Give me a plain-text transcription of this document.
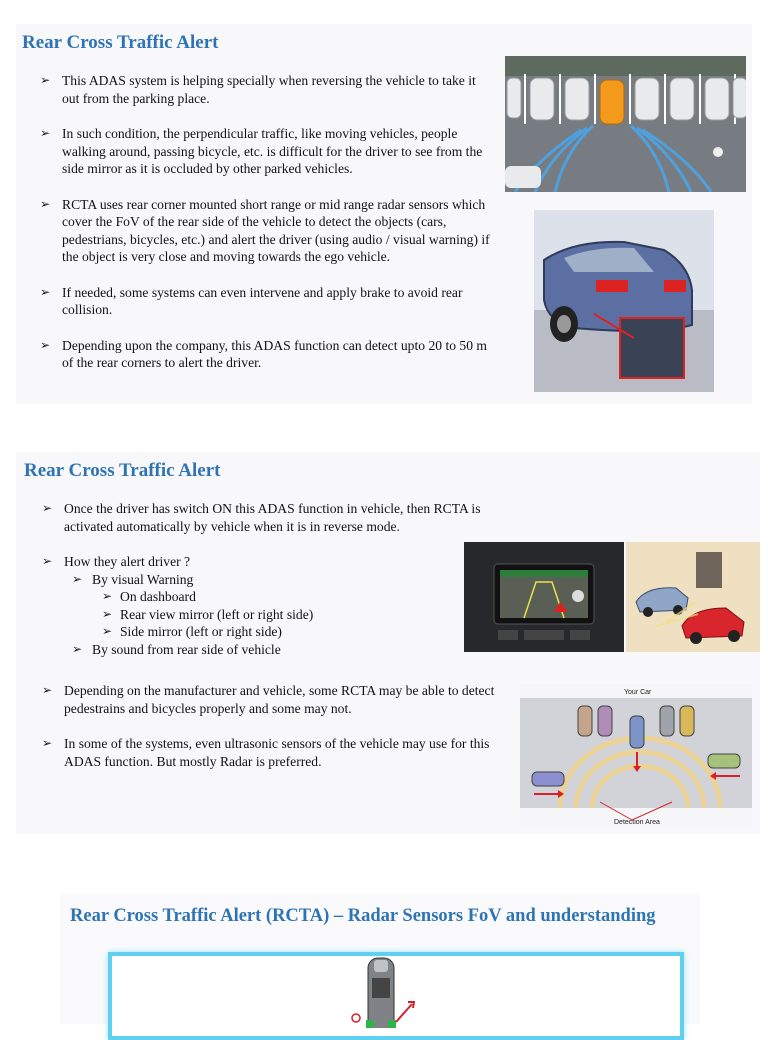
Rear Cross Traffic Alert
➢ This ADAS system is helping specially when reversing the vehicle to take it out from the parking place.
➢ In such condition, the perpendicular traffic, like moving vehicles, people walking around, passing bicycle, etc. is difficult for the driver to see from the side mirror as it is occluded by other parked vehicles.
➢ RCTA uses rear corner mounted short range or mid range radar sensors which cover the FoV of the rear side of the vehicle to detect the objects (cars, pedestrians, bicycles, etc.) and alert the driver (using audio / visual warning) if the object is very close and moving towards the ego vehicle.
➢ If needed, some systems can even intervene and apply brake to avoid rear collision.
➢ Depending upon the company, this ADAS function can detect upto 20 to 50 m of the rear corners to alert the driver.
Rear Cross Traffic Alert
➢ Once the driver has switch ON this ADAS function in vehicle, then RCTA is activated automatically by vehicle when it is in reverse mode.
➢ How they alert driver ?
➢ By visual Warning
➢ On dashboard
➢ Rear view mirror (left or right side)
➢ Side mirror (left or right side)
➢ By sound from rear side of vehicle
➢ Depending on the manufacturer and vehicle, some RCTA may be able to detect pedestrains and bicycles properly and some may not.
➢ In some of the systems, even ultrasonic sensors of the vehicle may use for this ADAS function. But mostly Radar is preferred.
Your Car
Detection Area
Rear Cross Traffic Alert (RCTA) – Radar Sensors FoV and understanding
